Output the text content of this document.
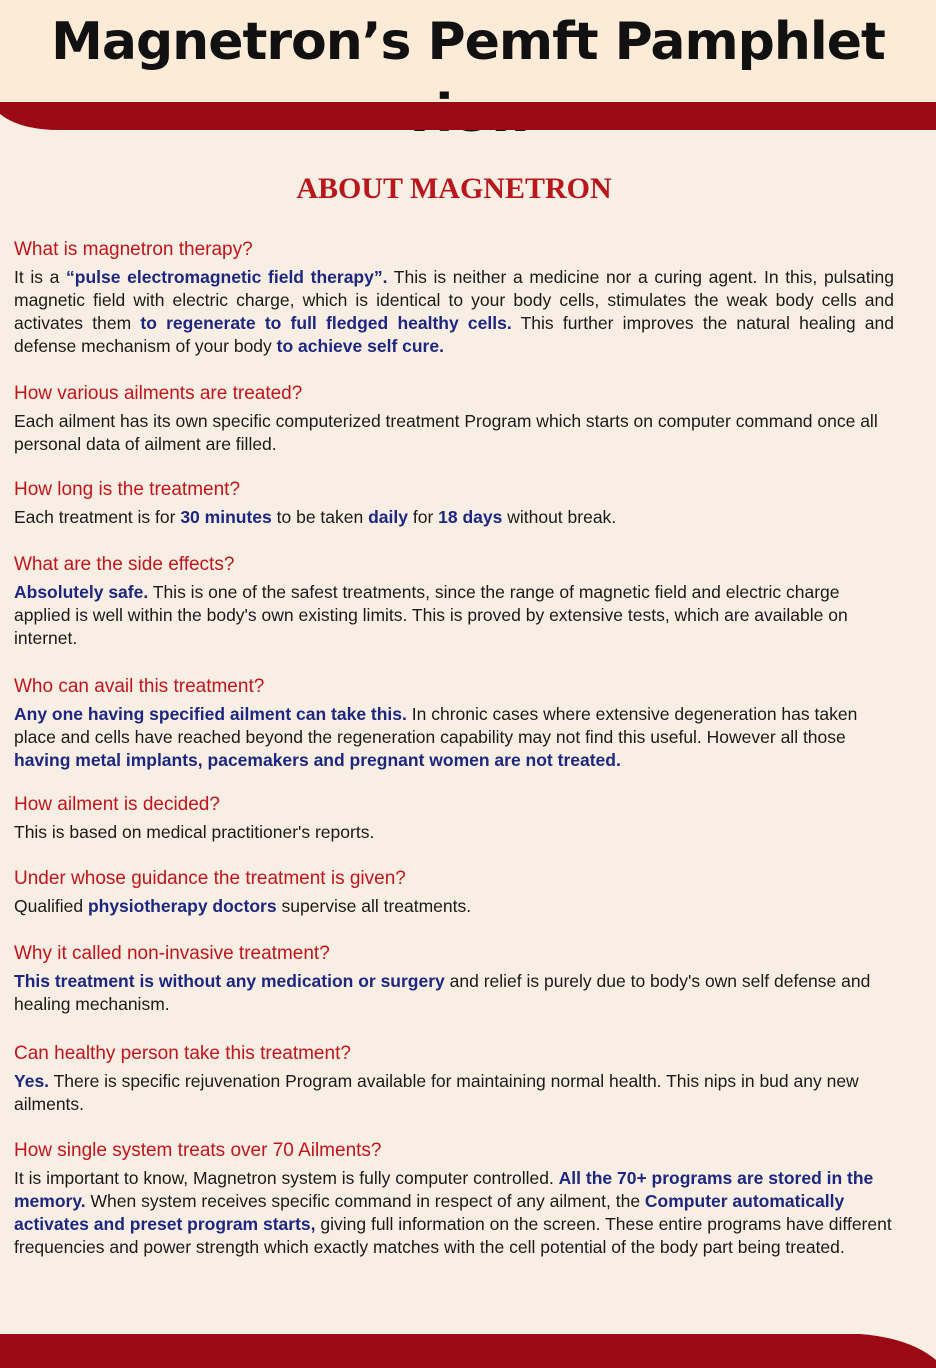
Magnetron’s Pemft Pamphlet
ABOUT MAGNETRON

What is magnetron therapy?

It is a “pulse electromagnetic field therapy”. This is neither a medicine nor a curing agent. In this, pulsating magnetic field with electric charge, which is identical to your body cells, stimulates the weak body cells and activates them to regenerate to full fledged healthy cells. This further improves the natural healing and defense mechanism of your body to achieve self cure.

How various ailments are treated?

Each ailment has its own specific computerized treatment Program which starts on computer command once all personal data of ailment are filled.

How long is the treatment?

Each treatment is for 30 minutes to be taken daily for 18 days without break.

What are the side effects?

Absolutely safe. This is one of the safest treatments, since the range of magnetic field and electric charge applied is well within the body's own existing limits. This is proved by extensive tests, which are available on internet.

Who can avail this treatment?

Any one having specified ailment can take this. In chronic cases where extensive degeneration has taken place and cells have reached beyond the regeneration capability may not find this useful. However all those having metal implants, pacemakers and pregnant women are not treated.

How ailment is decided?

This is based on medical practitioner's reports.

Under whose guidance the treatment is given?

Qualified physiotherapy doctors supervise all treatments.

Why it called non-invasive treatment?

This treatment is without any medication or surgery and relief is purely due to body's own self defense and healing mechanism.

Can healthy person take this treatment?

Yes. There is specific rejuvenation Program available for maintaining normal health. This nips in bud any new ailments.

How single system treats over 70 Ailments?

It is important to know, Magnetron system is fully computer controlled. All the 70+ programs are stored in the memory. When system receives specific command in respect of any ailment, the Computer automatically activates and preset program starts, giving full information on the screen. These entire programs have different frequencies and power strength which exactly matches with the cell potential of the body part being treated.
